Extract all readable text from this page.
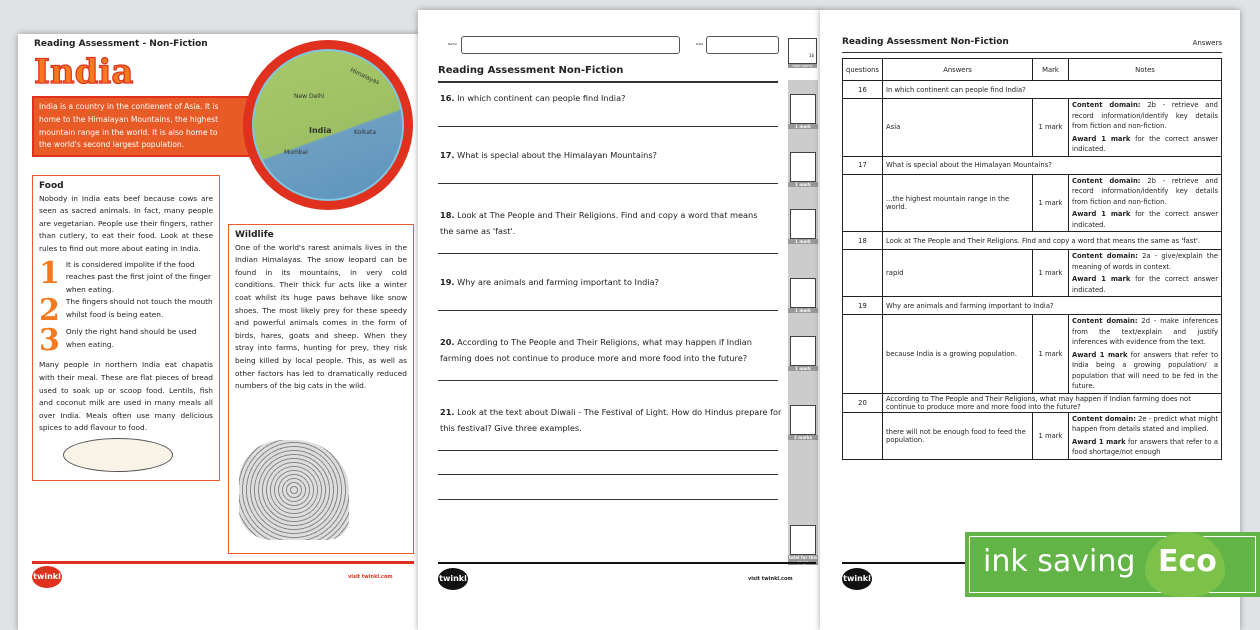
Reading Assessment - Non-Fiction
India
India is a country in the contienent of Asia. It is home to the Himalayan Mountains, the highest mountain range in the world. It is also home to the world's second largest population.
New Delhi
Himalayas
India	Kolkata
Mumbai
Food
Nobody in India eats beef because cows are seen as sacred animals. In fact, many people are vegetarian. People use their fingers, rather than cutlery, to eat their food. Look at these rules to find out more about eating in India.
1 It is considered impolite if the food reaches past the first joint of the finger when eating.
2 The fingers should not touch the mouth whilst food is being eaten.
3 Only the right hand should be used when eating.
Many people in northern India eat chapatis with their meal. These are flat pieces of bread used to soak up or scoop food. Lentils, fish and coconut milk are used in many meals all over India. Meals often use many delicious spices to add flavour to food.
Wildlife
One of the world's rarest animals lives in the Indian Himalayas. The snow leopard can be found in its mountains, in very cold conditions. Their thick fur acts like a winter coat whilst its huge paws behave like snow shoes. The most likely prey for these speedy and powerful animals comes in the form of birds, hares, goats and sheep. When they stray into farms, hunting for prey, they risk being killed by local people. This, as well as other factors has led to dramatically reduced numbers of the big cats in the wild.
twinkl	visit twinkl.com
Name	Date
16
total marks
Reading Assessment Non-Fiction
1 mark
1 mark
1 mark
1 mark
1 mark
2 marks
total for this
16. In which continent can people find India?
17. What is special about the Himalayan Mountains?
18. Look at The People and Their Religions. Find and copy a word that means the same as 'fast'.
19. Why are animals and farming important to India?
20. According to The People and Their Religions, what may happen if Indian farming does not continue to produce more and more food into the future?
21. Look at the text about Diwali - The Festival of Light. How do Hindus prepare for this festival? Give three examples.
twinkl	visit twinkl.com
Reading Assessment Non-Fiction	Answers
questions	Answers	Mark	Notes
16	In which continent can people find India?		
	Asia	1 mark	Content domain: 2b - retrieve and record information/identify key details from fiction and non-fiction.
Award 1 mark for the correct answer indicated.

17	What is special about the Himalayan Mountains?		
	...the highest mountain range in the world.	1 mark	Content domain: 2b - retrieve and record information/identify key details from fiction and non-fiction.
Award 1 mark for the correct answer indicated.

18	Look at The People and Their Religions. Find and copy a word that means the same as 'fast'.		
	rapid	1 mark	Content domain: 2a - give/explain the meaning of words in context.
Award 1 mark for the correct answer indicated.

19	Why are animals and farming important to India?		
	because India is a growing population.	1 mark	Content domain: 2d - make inferences from the text/explain and justify inferences with evidence from the text.
Award 1 mark for answers that refer to India being a growing population/ a population that will need to be fed in the future.

20	According to The People and Their Religions, what may happen if Indian farming does not continue to produce more and more food into the future?		
	there will not be enough food to feed the population.	1 mark	Content domain: 2e - predict what might happen from details stated and implied.
Award 1 mark for answers that refer to a food shortage/not enough
twinkl	ink saving Eco
